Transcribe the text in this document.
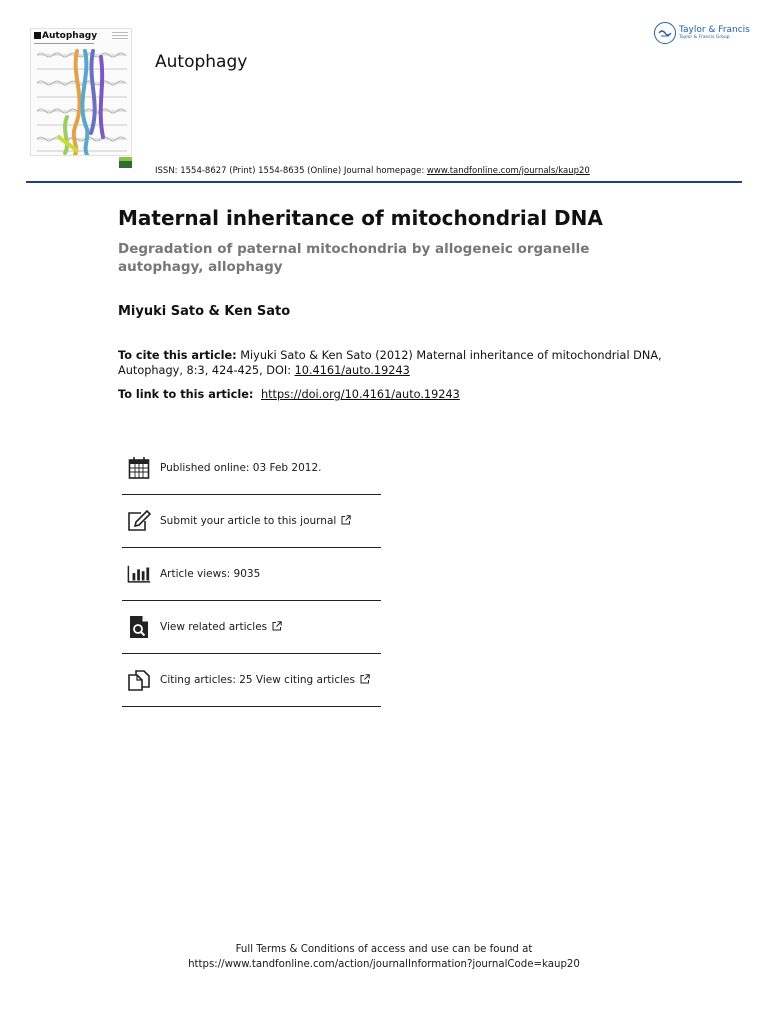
Autophagy
Autophagy
Taylor & Francis
Taylor & Francis Group
ISSN: 1554-8627 (Print) 1554-8635 (Online) Journal homepage: www.tandfonline.com/journals/kaup20
Maternal inheritance of mitochondrial DNA
Degradation of paternal mitochondria by allogeneic organelle autophagy, allophagy
Miyuki Sato & Ken Sato
To cite this article: Miyuki Sato & Ken Sato (2012) Maternal inheritance of mitochondrial DNA, Autophagy, 8:3, 424-425, DOI: 10.4161/auto.19243
To link to this article:  https://doi.org/10.4161/auto.19243
Published online: 03 Feb 2012.
Submit your article to this journal
Article views: 9035
View related articles
Citing articles: 25 View citing articles
Full Terms & Conditions of access and use can be found at
https://www.tandfonline.com/action/journalInformation?journalCode=kaup20
